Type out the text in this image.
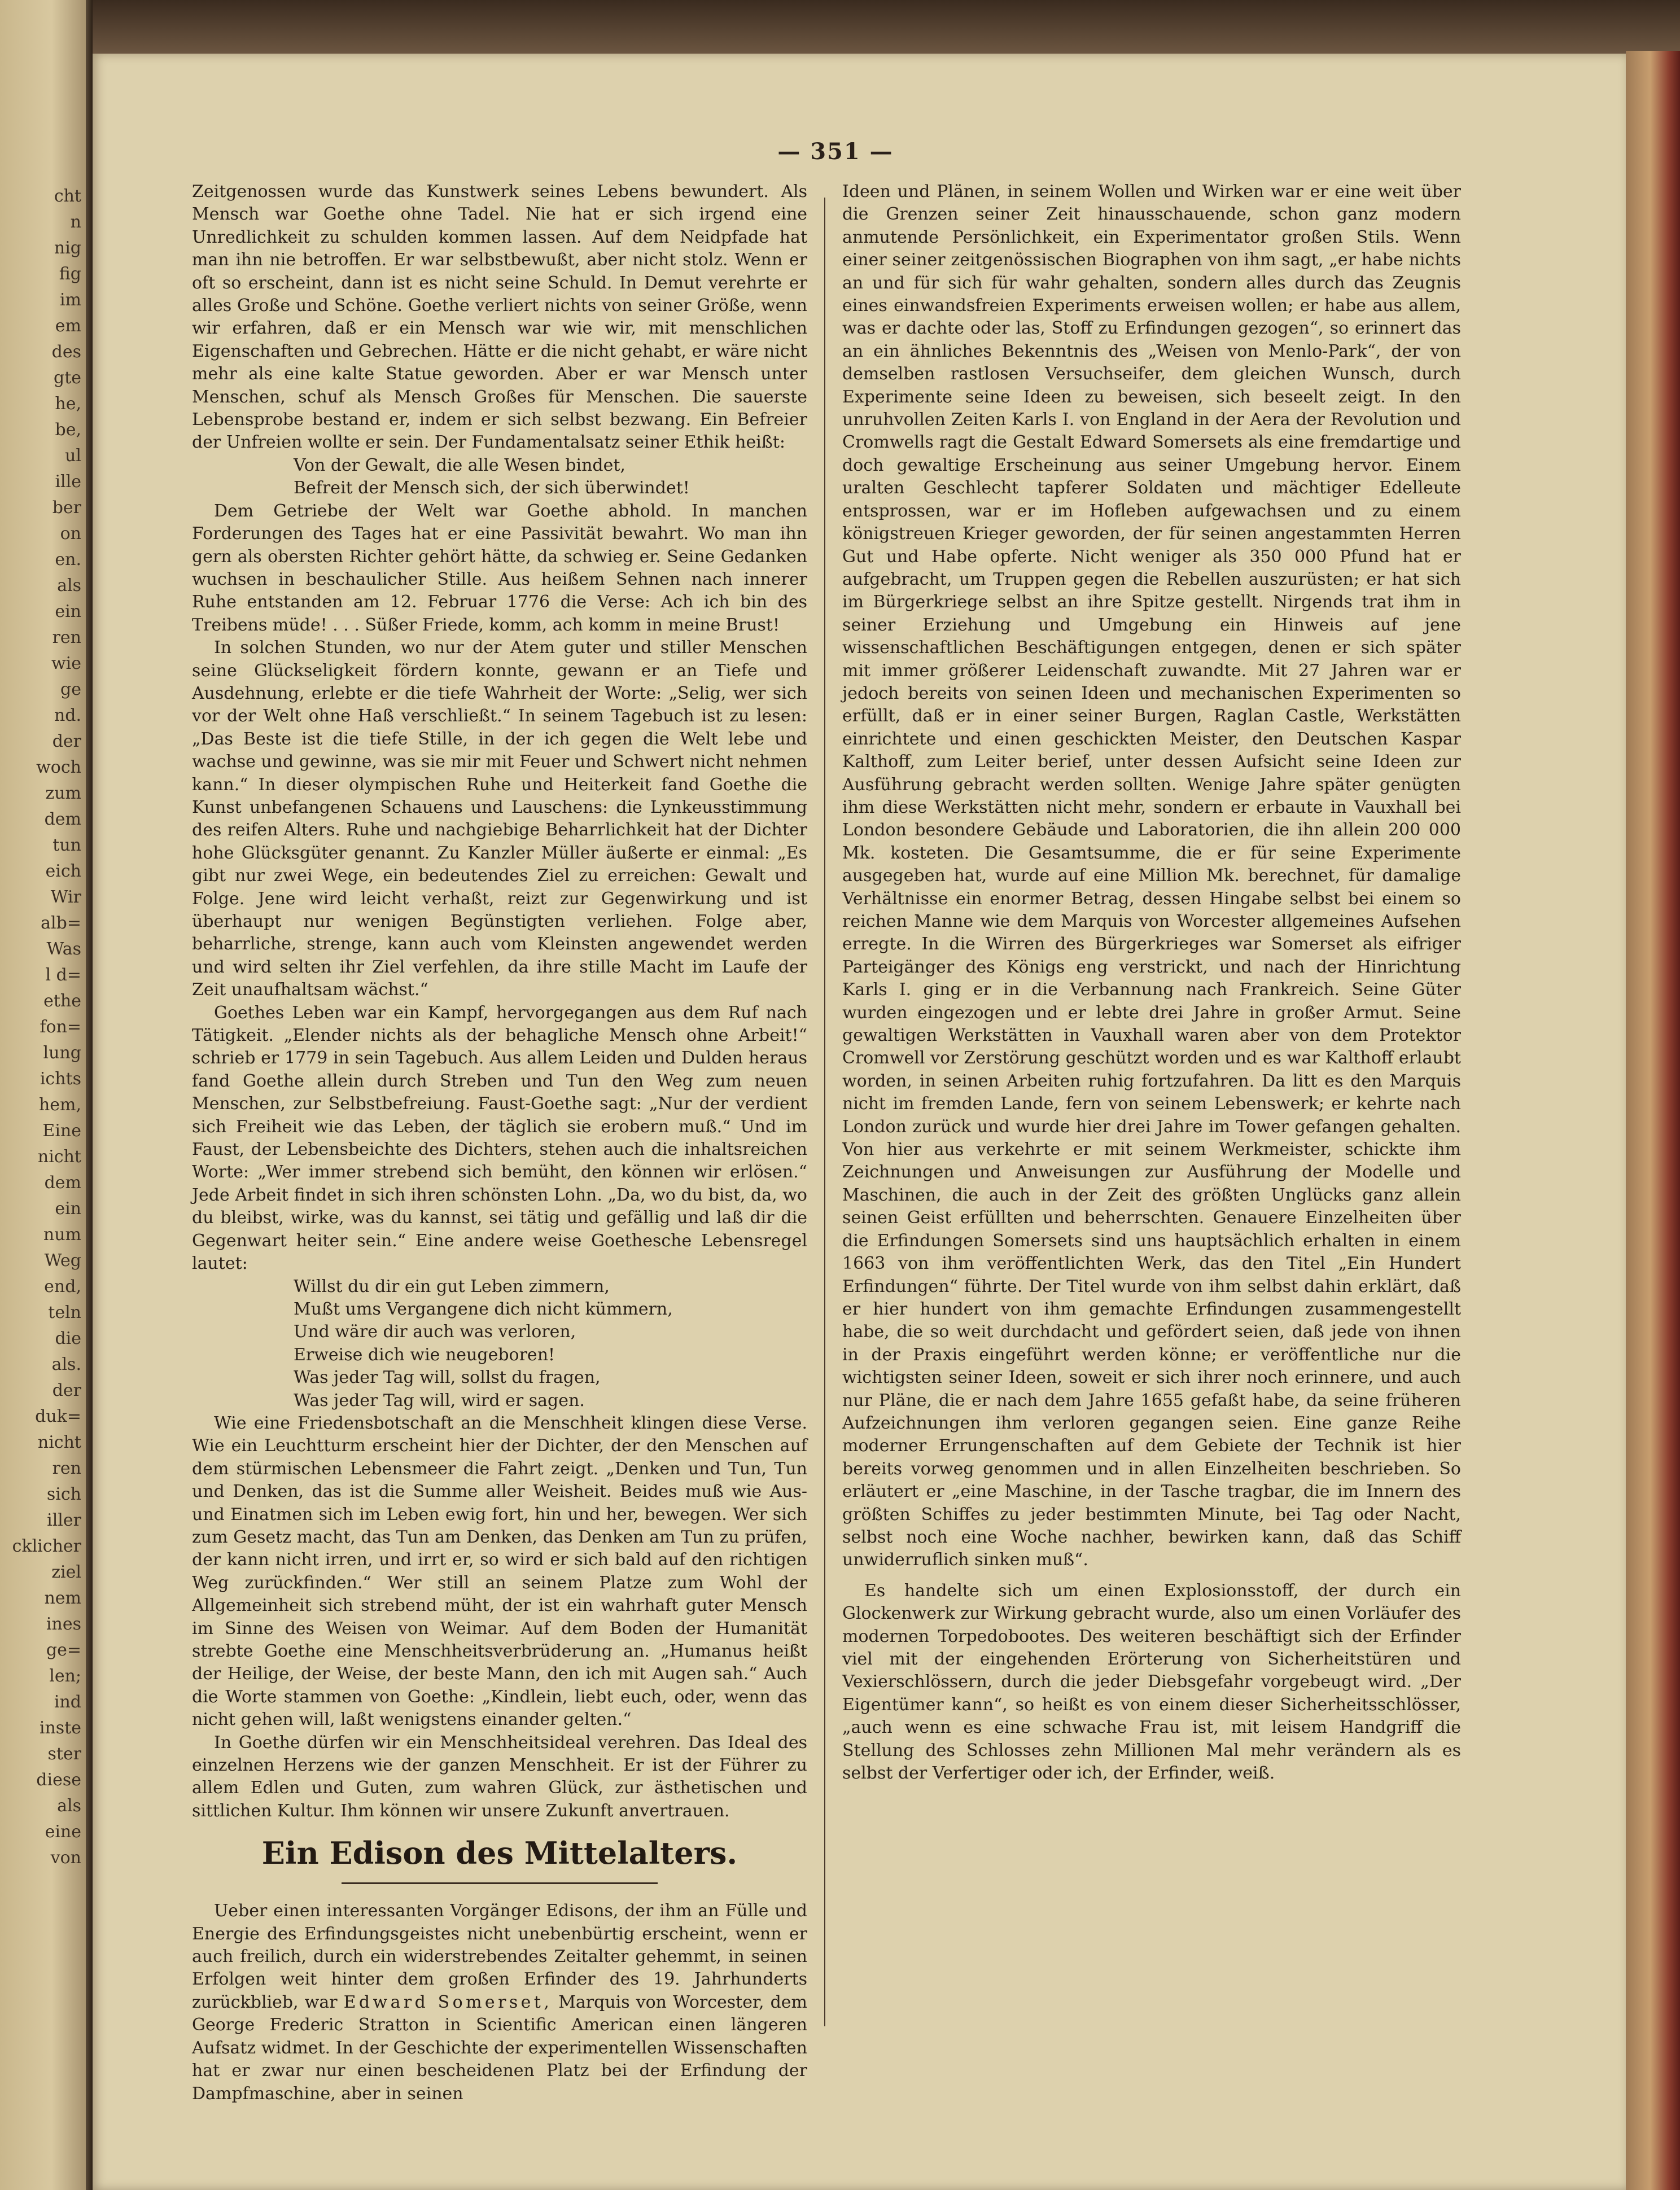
cht
n
nig
fig
im
em
des
gte
he,
be,
ul
ille
ber
on
en.
als
ein
ren
wie
ge
nd.
der
woch
zum
dem
tun
eich
Wir
alb=
Was
l d=
ethe
fon=
lung
ichts
hem,
Eine
nicht
dem
ein
num
Weg
end,
teln
die
als.
der
duk=
nicht
ren
sich
iller
cklicher
ziel
nem
ines
ge=
len;
ind
inste
ster
diese
als
eine
von
— 351 —

Zeitgenossen wurde das Kunstwerk seines Lebens bewundert. Als Mensch war Goethe ohne Tadel. Nie hat er sich irgend eine Unredlichkeit zu schulden kommen lassen. Auf dem Neidpfade hat man ihn nie betroffen. Er war selbstbewußt, aber nicht stolz. Wenn er oft so erscheint, dann ist es nicht seine Schuld. In Demut verehrte er alles Große und Schöne. Goethe verliert nichts von seiner Größe, wenn wir erfahren, daß er ein Mensch war wie wir, mit menschlichen Eigenschaften und Gebrechen. Hätte er die nicht gehabt, er wäre nicht mehr als eine kalte Statue geworden. Aber er war Mensch unter Menschen, schuf als Mensch Großes für Menschen. Die sauerste Lebensprobe bestand er, indem er sich selbst bezwang. Ein Befreier der Unfreien wollte er sein. Der Fundamentalsatz seiner Ethik heißt:

Von der Gewalt, die alle Wesen bindet,
Befreit der Mensch sich, der sich überwindet!

Dem Getriebe der Welt war Goethe abhold. In manchen Forderungen des Tages hat er eine Passivität bewahrt. Wo man ihn gern als obersten Richter gehört hätte, da schwieg er. Seine Gedanken wuchsen in beschaulicher Stille. Aus heißem Sehnen nach innerer Ruhe entstanden am 12. Februar 1776 die Verse: Ach ich bin des Treibens müde! . . . Süßer Friede, komm, ach komm in meine Brust!

In solchen Stunden, wo nur der Atem guter und stiller Menschen seine Glückseligkeit fördern konnte, gewann er an Tiefe und Ausdehnung, erlebte er die tiefe Wahrheit der Worte: „Selig, wer sich vor der Welt ohne Haß verschließt.“ In seinem Tagebuch ist zu lesen: „Das Beste ist die tiefe Stille, in der ich gegen die Welt lebe und wachse und gewinne, was sie mir mit Feuer und Schwert nicht nehmen kann.“ In dieser olympischen Ruhe und Heiterkeit fand Goethe die Kunst unbefangenen Schauens und Lauschens: die Lynkeusstimmung des reifen Alters. Ruhe und nachgiebige Beharrlichkeit hat der Dichter hohe Glücksgüter genannt. Zu Kanzler Müller äußerte er einmal: „Es gibt nur zwei Wege, ein bedeutendes Ziel zu erreichen: Gewalt und Folge. Jene wird leicht verhaßt, reizt zur Gegenwirkung und ist überhaupt nur wenigen Begünstigten verliehen. Folge aber, beharrliche, strenge, kann auch vom Kleinsten angewendet werden und wird selten ihr Ziel verfehlen, da ihre stille Macht im Laufe der Zeit unaufhaltsam wächst.“

Goethes Leben war ein Kampf, hervorgegangen aus dem Ruf nach Tätigkeit. „Elender nichts als der behagliche Mensch ohne Arbeit!“ schrieb er 1779 in sein Tagebuch. Aus allem Leiden und Dulden heraus fand Goethe allein durch Streben und Tun den Weg zum neuen Menschen, zur Selbstbefreiung. Faust-Goethe sagt: „Nur der verdient sich Freiheit wie das Leben, der täglich sie erobern muß.“ Und im Faust, der Lebensbeichte des Dichters, stehen auch die inhaltsreichen Worte: „Wer immer strebend sich bemüht, den können wir erlösen.“ Jede Arbeit findet in sich ihren schönsten Lohn. „Da, wo du bist, da, wo du bleibst, wirke, was du kannst, sei tätig und gefällig und laß dir die Gegenwart heiter sein.“ Eine andere weise Goethesche Lebensregel lautet:

Willst du dir ein gut Leben zimmern,
Mußt ums Vergangene dich nicht kümmern,
Und wäre dir auch was verloren,
Erweise dich wie neugeboren!
Was jeder Tag will, sollst du fragen,
Was jeder Tag will, wird er sagen.

Wie eine Friedensbotschaft an die Menschheit klingen diese Verse. Wie ein Leuchtturm erscheint hier der Dichter, der den Menschen auf dem stürmischen Lebensmeer die Fahrt zeigt. „Denken und Tun, Tun und Denken, das ist die Summe aller Weisheit. Beides muß wie Aus- und Einatmen sich im Leben ewig fort, hin und her, bewegen. Wer sich zum Gesetz macht, das Tun am Denken, das Denken am Tun zu prüfen, der kann nicht irren, und irrt er, so wird er sich bald auf den richtigen Weg zurückfinden.“ Wer still an seinem Platze zum Wohl der Allgemeinheit sich strebend müht, der ist ein wahrhaft guter Mensch im Sinne des Weisen von Weimar. Auf dem Boden der Humanität strebte Goethe eine Menschheitsverbrüderung an. „Humanus heißt der Heilige, der Weise, der beste Mann, den ich mit Augen sah.“ Auch die Worte stammen von Goethe: „Kindlein, liebt euch, oder, wenn das nicht gehen will, laßt wenigstens einander gelten.“

In Goethe dürfen wir ein Menschheitsideal verehren. Das Ideal des einzelnen Herzens wie der ganzen Menschheit. Er ist der Führer zu allem Edlen und Guten, zum wahren Glück, zur ästhetischen und sittlichen Kultur. Ihm können wir unsere Zukunft anvertrauen.

Ein Edison des Mittelalters.

Ueber einen interessanten Vorgänger Edisons, der ihm an Fülle und Energie des Erfindungsgeistes nicht unebenbürtig erscheint, wenn er auch freilich, durch ein widerstrebendes Zeitalter gehemmt, in seinen Erfolgen weit hinter dem großen Erfinder des 19. Jahrhunderts zurückblieb, war Edward Somerset, Marquis von Worcester, dem George Frederic Stratton in Scientific American einen längeren Aufsatz widmet. In der Geschichte der experimentellen Wissenschaften hat er zwar nur einen bescheidenen Platz bei der Erfindung der Dampfmaschine, aber in seinen

Ideen und Plänen, in seinem Wollen und Wirken war er eine weit über die Grenzen seiner Zeit hinausschauende, schon ganz modern anmutende Persönlichkeit, ein Experimentator großen Stils. Wenn einer seiner zeitgenössischen Biographen von ihm sagt, „er habe nichts an und für sich für wahr gehalten, sondern alles durch das Zeugnis eines einwandsfreien Experiments erweisen wollen; er habe aus allem, was er dachte oder las, Stoff zu Erfindungen gezogen“, so erinnert das an ein ähnliches Bekenntnis des „Weisen von Menlo-Park“, der von demselben rastlosen Versuchseifer, dem gleichen Wunsch, durch Experimente seine Ideen zu beweisen, sich beseelt zeigt. In den unruhvollen Zeiten Karls I. von England in der Aera der Revolution und Cromwells ragt die Gestalt Edward Somersets als eine fremdartige und doch gewaltige Erscheinung aus seiner Umgebung hervor. Einem uralten Geschlecht tapferer Soldaten und mächtiger Edelleute entsprossen, war er im Hofleben aufgewachsen und zu einem königstreuen Krieger geworden, der für seinen angestammten Herren Gut und Habe opferte. Nicht weniger als 350 000 Pfund hat er aufgebracht, um Truppen gegen die Rebellen auszurüsten; er hat sich im Bürgerkriege selbst an ihre Spitze gestellt. Nirgends trat ihm in seiner Erziehung und Umgebung ein Hinweis auf jene wissenschaftlichen Beschäftigungen entgegen, denen er sich später mit immer größerer Leidenschaft zuwandte. Mit 27 Jahren war er jedoch bereits von seinen Ideen und mechanischen Experimenten so erfüllt, daß er in einer seiner Burgen, Raglan Castle, Werkstätten einrichtete und einen geschickten Meister, den Deutschen Kaspar Kalthoff, zum Leiter berief, unter dessen Aufsicht seine Ideen zur Ausführung gebracht werden sollten. Wenige Jahre später genügten ihm diese Werkstätten nicht mehr, sondern er erbaute in Vauxhall bei London besondere Gebäude und Laboratorien, die ihn allein 200 000 Mk. kosteten. Die Gesamtsumme, die er für seine Experimente ausgegeben hat, wurde auf eine Million Mk. berechnet, für damalige Verhältnisse ein enormer Betrag, dessen Hingabe selbst bei einem so reichen Manne wie dem Marquis von Worcester allgemeines Aufsehen erregte. In die Wirren des Bürgerkrieges war Somerset als eifriger Parteigänger des Königs eng verstrickt, und nach der Hinrichtung Karls I. ging er in die Verbannung nach Frankreich. Seine Güter wurden eingezogen und er lebte drei Jahre in großer Armut. Seine gewaltigen Werkstätten in Vauxhall waren aber von dem Protektor Cromwell vor Zerstörung geschützt worden und es war Kalthoff erlaubt worden, in seinen Arbeiten ruhig fortzufahren. Da litt es den Marquis nicht im fremden Lande, fern von seinem Lebenswerk; er kehrte nach London zurück und wurde hier drei Jahre im Tower gefangen gehalten. Von hier aus verkehrte er mit seinem Werkmeister, schickte ihm Zeichnungen und Anweisungen zur Ausführung der Modelle und Maschinen, die auch in der Zeit des größten Unglücks ganz allein seinen Geist erfüllten und beherrschten. Genauere Einzelheiten über die Erfindungen Somersets sind uns hauptsächlich erhalten in einem 1663 von ihm veröffentlichten Werk, das den Titel „Ein Hundert Erfindungen“ führte. Der Titel wurde von ihm selbst dahin erklärt, daß er hier hundert von ihm gemachte Erfindungen zusammengestellt habe, die so weit durchdacht und gefördert seien, daß jede von ihnen in der Praxis eingeführt werden könne; er veröffentliche nur die wichtigsten seiner Ideen, soweit er sich ihrer noch erinnere, und auch nur Pläne, die er nach dem Jahre 1655 gefaßt habe, da seine früheren Aufzeichnungen ihm verloren gegangen seien. Eine ganze Reihe moderner Errungenschaften auf dem Gebiete der Technik ist hier bereits vorweg genommen und in allen Einzelheiten beschrieben. So erläutert er „eine Maschine, in der Tasche tragbar, die im Innern des größten Schiffes zu jeder bestimmten Minute, bei Tag oder Nacht, selbst noch eine Woche nachher, bewirken kann, daß das Schiff unwiderruflich sinken muß“.

Es handelte sich um einen Explosionsstoff, der durch ein Glockenwerk zur Wirkung gebracht wurde, also um einen Vorläufer des modernen Torpedobootes. Des weiteren beschäftigt sich der Erfinder viel mit der eingehenden Erörterung von Sicherheitstüren und Vexierschlössern, durch die jeder Diebsgefahr vorgebeugt wird. „Der Eigentümer kann“, so heißt es von einem dieser Sicherheitsschlösser, „auch wenn es eine schwache Frau ist, mit leisem Handgriff die Stellung des Schlosses zehn Millionen Mal mehr verändern als es selbst der Verfertiger oder ich, der Erfinder, weiß.
